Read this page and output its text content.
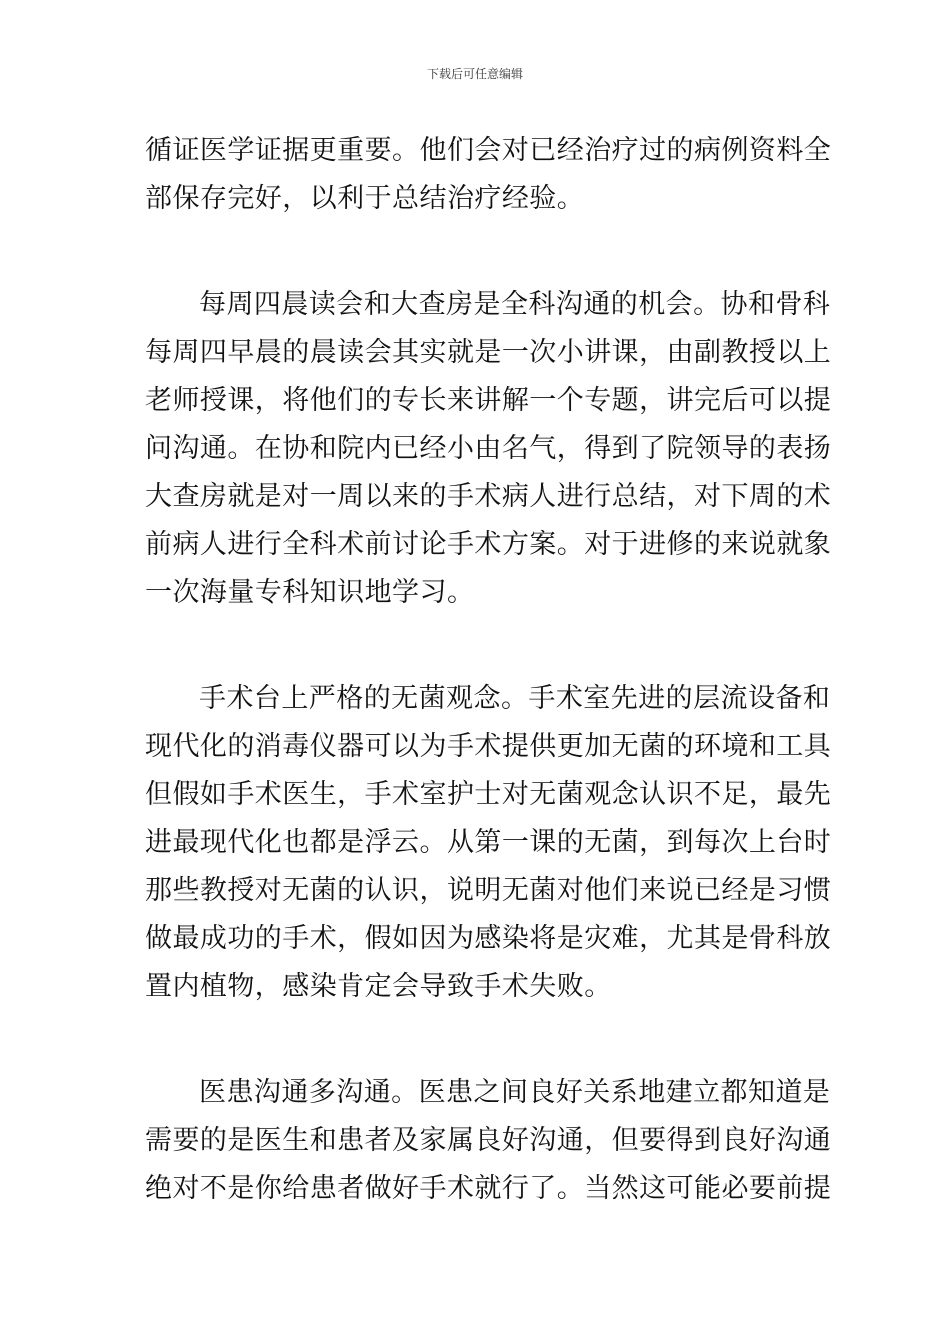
下载后可任意编辑
循证医学证据更重要。他们会对已经治疗过的病例资料全
部保存完好，以利于总结治疗经验。
每周四晨读会和大查房是全科沟通的机会。协和骨科
每周四早晨的晨读会其实就是一次小讲课，由副教授以上
老师授课，将他们的专长来讲解一个专题，讲完后可以提
问沟通。在协和院内已经小由名气，得到了院领导的表扬
大查房就是对一周以来的手术病人进行总结，对下周的术
前病人进行全科术前讨论手术方案。对于进修的来说就象
一次海量专科知识地学习。
手术台上严格的无菌观念。手术室先进的层流设备和
现代化的消毒仪器可以为手术提供更加无菌的环境和工具
但假如手术医生，手术室护士对无菌观念认识不足，最先
进最现代化也都是浮云。从第一课的无菌，到每次上台时
那些教授对无菌的认识，说明无菌对他们来说已经是习惯
做最成功的手术，假如因为感染将是灾难，尤其是骨科放
置内植物，感染肯定会导致手术失败。
医患沟通多沟通。医患之间良好关系地建立都知道是
需要的是医生和患者及家属良好沟通，但要得到良好沟通
绝对不是你给患者做好手术就行了。当然这可能必要前提
